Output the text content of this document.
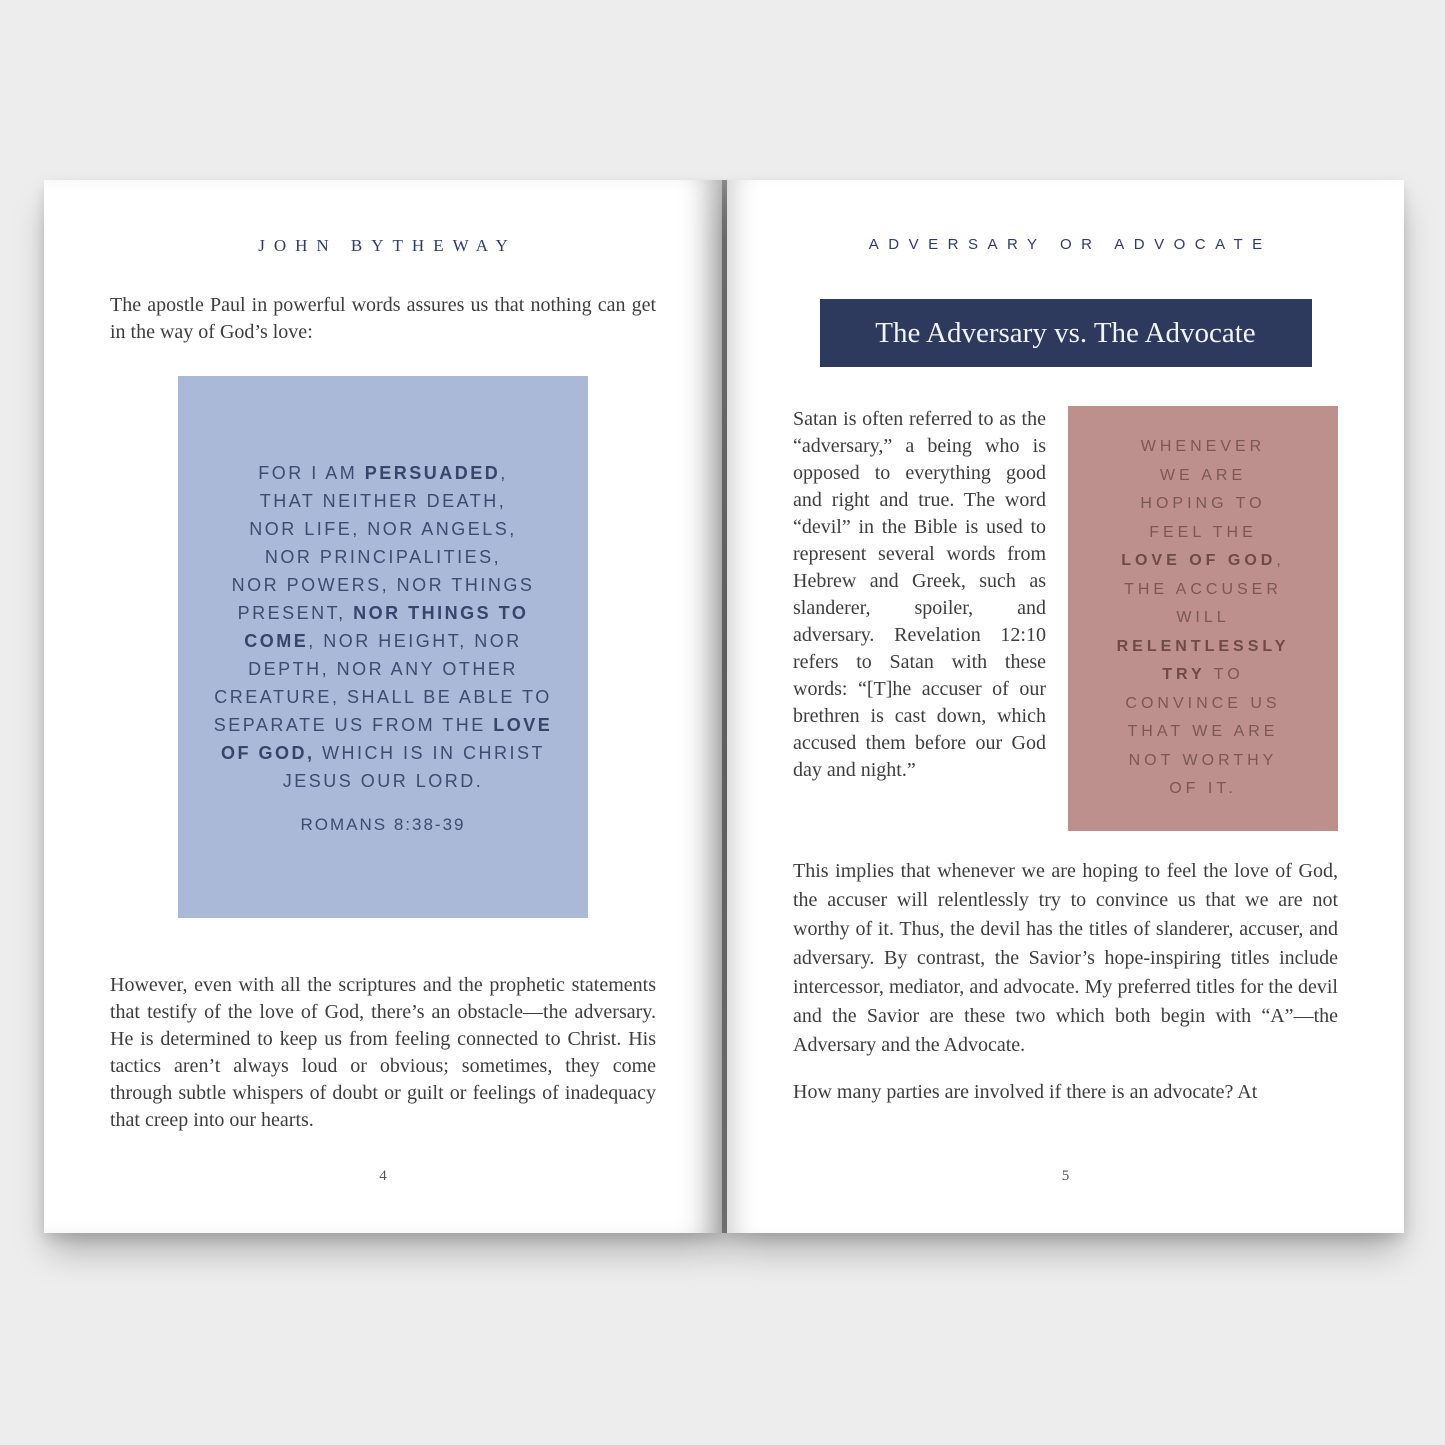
JOHN BYTHEWAY

The apostle Paul in powerful words assures us that nothing can get in the way of God’s love:

FOR I AM PERSUADED,
THAT NEITHER DEATH,
NOR LIFE, NOR ANGELS,
NOR PRINCIPALITIES,
NOR POWERS, NOR THINGS
PRESENT, NOR THINGS TO
COME, NOR HEIGHT, NOR
DEPTH, NOR ANY OTHER
CREATURE, SHALL BE ABLE TO
SEPARATE US FROM THE LOVE
OF GOD, WHICH IS IN CHRIST
JESUS OUR LORD.
ROMANS 8:38-39

However, even with all the scriptures and the prophetic statements that testify of the love of God, there’s an obstacle—the adversary. He is determined to keep us from feeling connected to Christ. His tactics aren’t always loud or obvious; sometimes, they come through subtle whispers of doubt or guilt or feelings of inadequacy that creep into our hearts.

4
ADVERSARY OR ADVOCATE
The Adversary vs. The Advocate

Satan is often referred to as the “adversary,” a being who is opposed to everything good and right and true. The word “devil” in the Bible is used to represent several words from Hebrew and Greek, such as slanderer, spoiler, and adversary. Revelation 12:10 refers to Satan with these words: “[T]he accuser of our brethren is cast down, which accused them before our God day and night.”

WHENEVER
WE ARE
HOPING TO
FEEL THE
LOVE OF GOD,
THE ACCUSER
WILL
RELENTLESSLY
TRY TO
CONVINCE US
THAT WE ARE
NOT WORTHY
OF IT.

This implies that whenever we are hoping to feel the love of God, the accuser will relentlessly try to convince us that we are not worthy of it. Thus, the devil has the titles of slanderer, accuser, and adversary. By contrast, the Savior’s hope-inspiring titles include intercessor, mediator, and advocate. My preferred titles for the devil and the Savior are these two which both begin with “A”—the Adversary and the Advocate.

How many parties are involved if there is an advocate? At

5
